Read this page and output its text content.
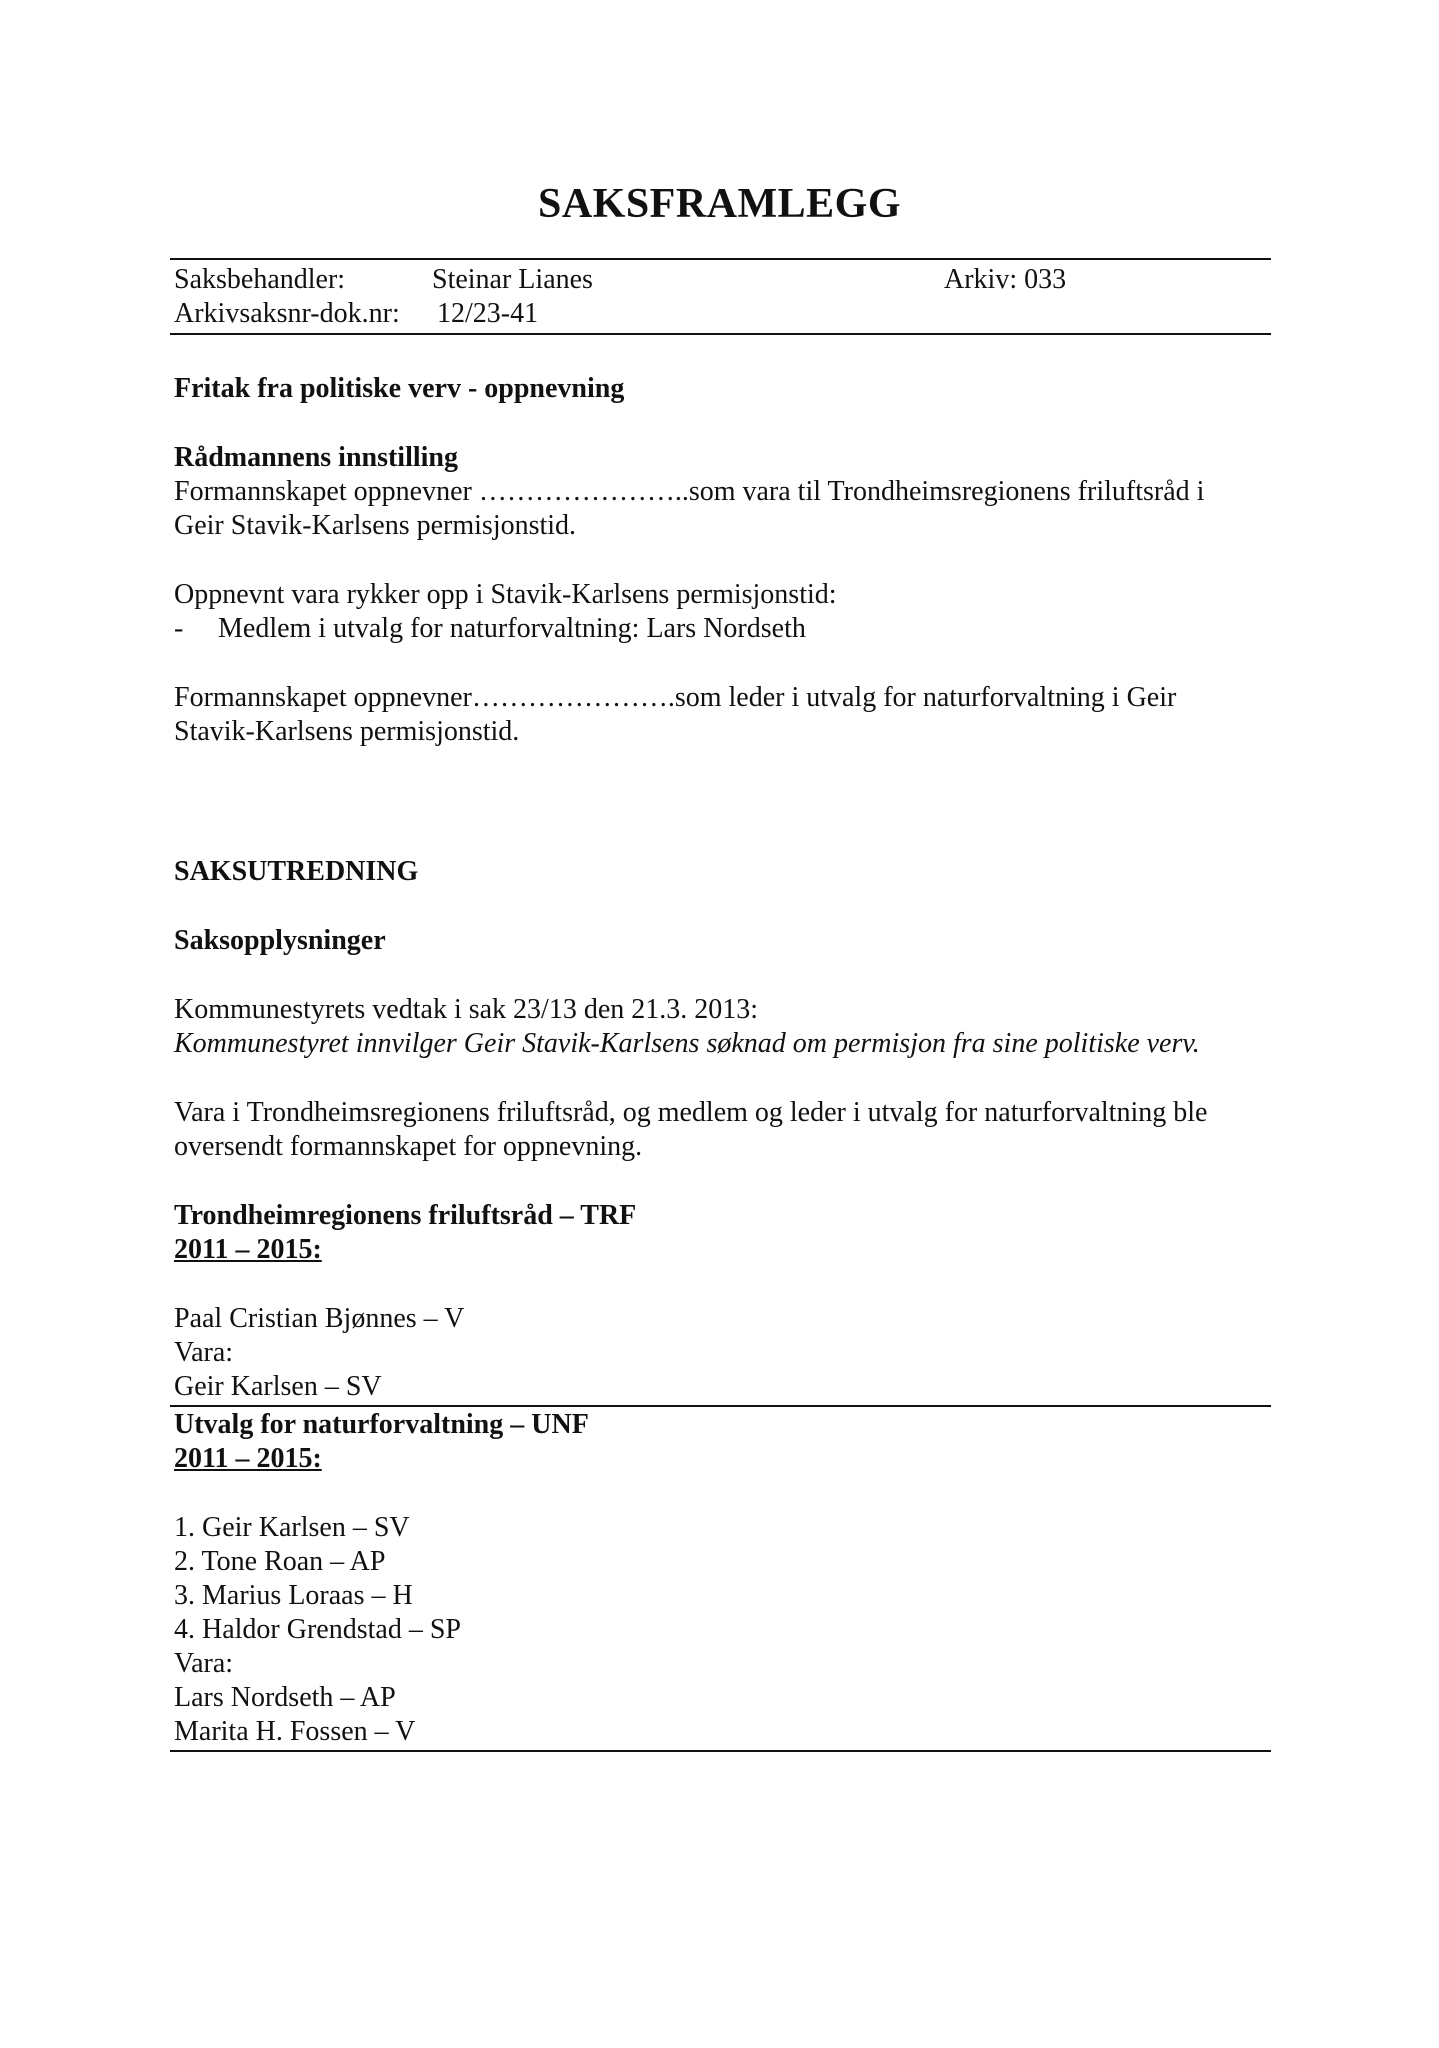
SAKSFRAMLEGG
Saksbehandler:	Steinar Lianes	Arkiv: 033
Arkivsaksnr-dok.nr: 12/23-41
Fritak fra politiske verv - oppnevning
Rådmannens innstilling
Formannskapet oppnevner …………………..som vara til Trondheimsregionens friluftsråd i
Geir Stavik-Karlsens permisjonstid.
Oppnevnt vara rykker opp i Stavik-Karlsens permisjonstid:
- Medlem i utvalg for naturforvaltning: Lars Nordseth
Formannskapet oppnevner………………….som leder i utvalg for naturforvaltning i Geir
Stavik-Karlsens permisjonstid.
SAKSUTREDNING
Saksopplysninger
Kommunestyrets vedtak i sak 23/13 den 21.3. 2013:
Kommunestyret innvilger Geir Stavik-Karlsens søknad om permisjon fra sine politiske verv.
Vara i Trondheimsregionens friluftsråd, og medlem og leder i utvalg for naturforvaltning ble
oversendt formannskapet for oppnevning.
Trondheimregionens friluftsråd – TRF
2011 – 2015:
Paal Cristian Bjønnes – V
Vara:
Geir Karlsen – SV
Utvalg for naturforvaltning – UNF
2011 – 2015:
1. Geir Karlsen – SV
2. Tone Roan – AP
3. Marius Loraas – H
4. Haldor Grendstad – SP
Vara:
Lars Nordseth – AP
Marita H. Fossen – V
